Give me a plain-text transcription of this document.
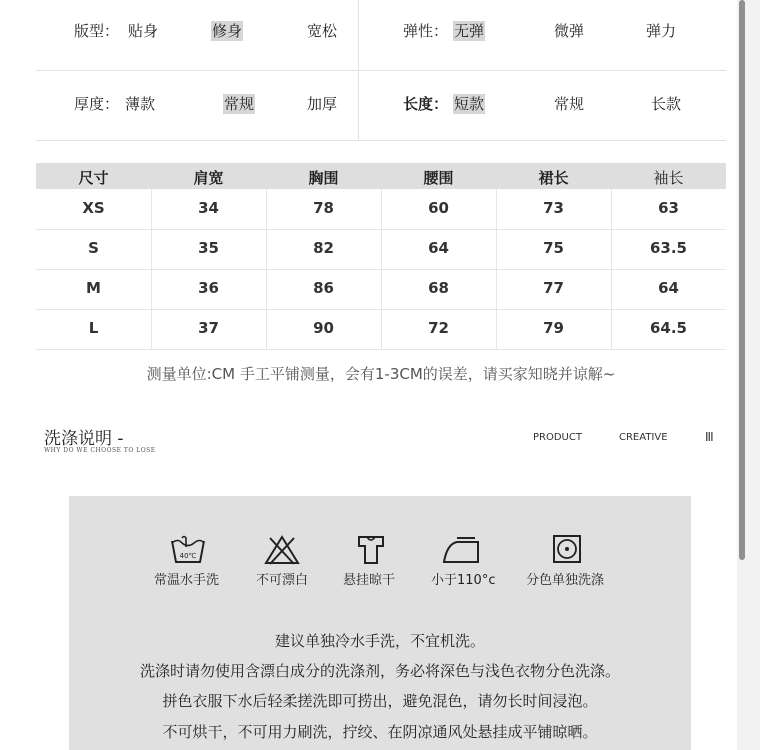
版型： 贴身	修身	宽松	弹性： 无弹	微弹	弹力
厚度： 薄款	常规	加厚	长度： 短款	常规	长款
尺寸	肩宽	胸围	腰围	裙长	袖长
XS	34	78	60	73	63
S	35	82	64	75	63.5
M	36	86	68	77	64
L	37	90	72	79	64.5
测量单位:CM 手工平铺测量，会有1-3CM的误差，请买家知晓并谅解~
洗涤说明 -
WHY DO WE CHOOSE TO LOSE
PRODUCT	CREATIVE	III
40℃
常温水手洗	不可漂白	悬挂晾干	小于110°c 分色单独洗涤
建议单独冷水手洗，不宜机洗。
洗涤时请勿使用含漂白成分的洗涤剂，务必将深色与浅色衣物分色洗涤。
拼色衣服下水后轻柔搓洗即可捞出，避免混色，请勿长时间浸泡。
不可烘干，不可用力刷洗，拧绞、在阴凉通风处悬挂成平铺晾晒。
